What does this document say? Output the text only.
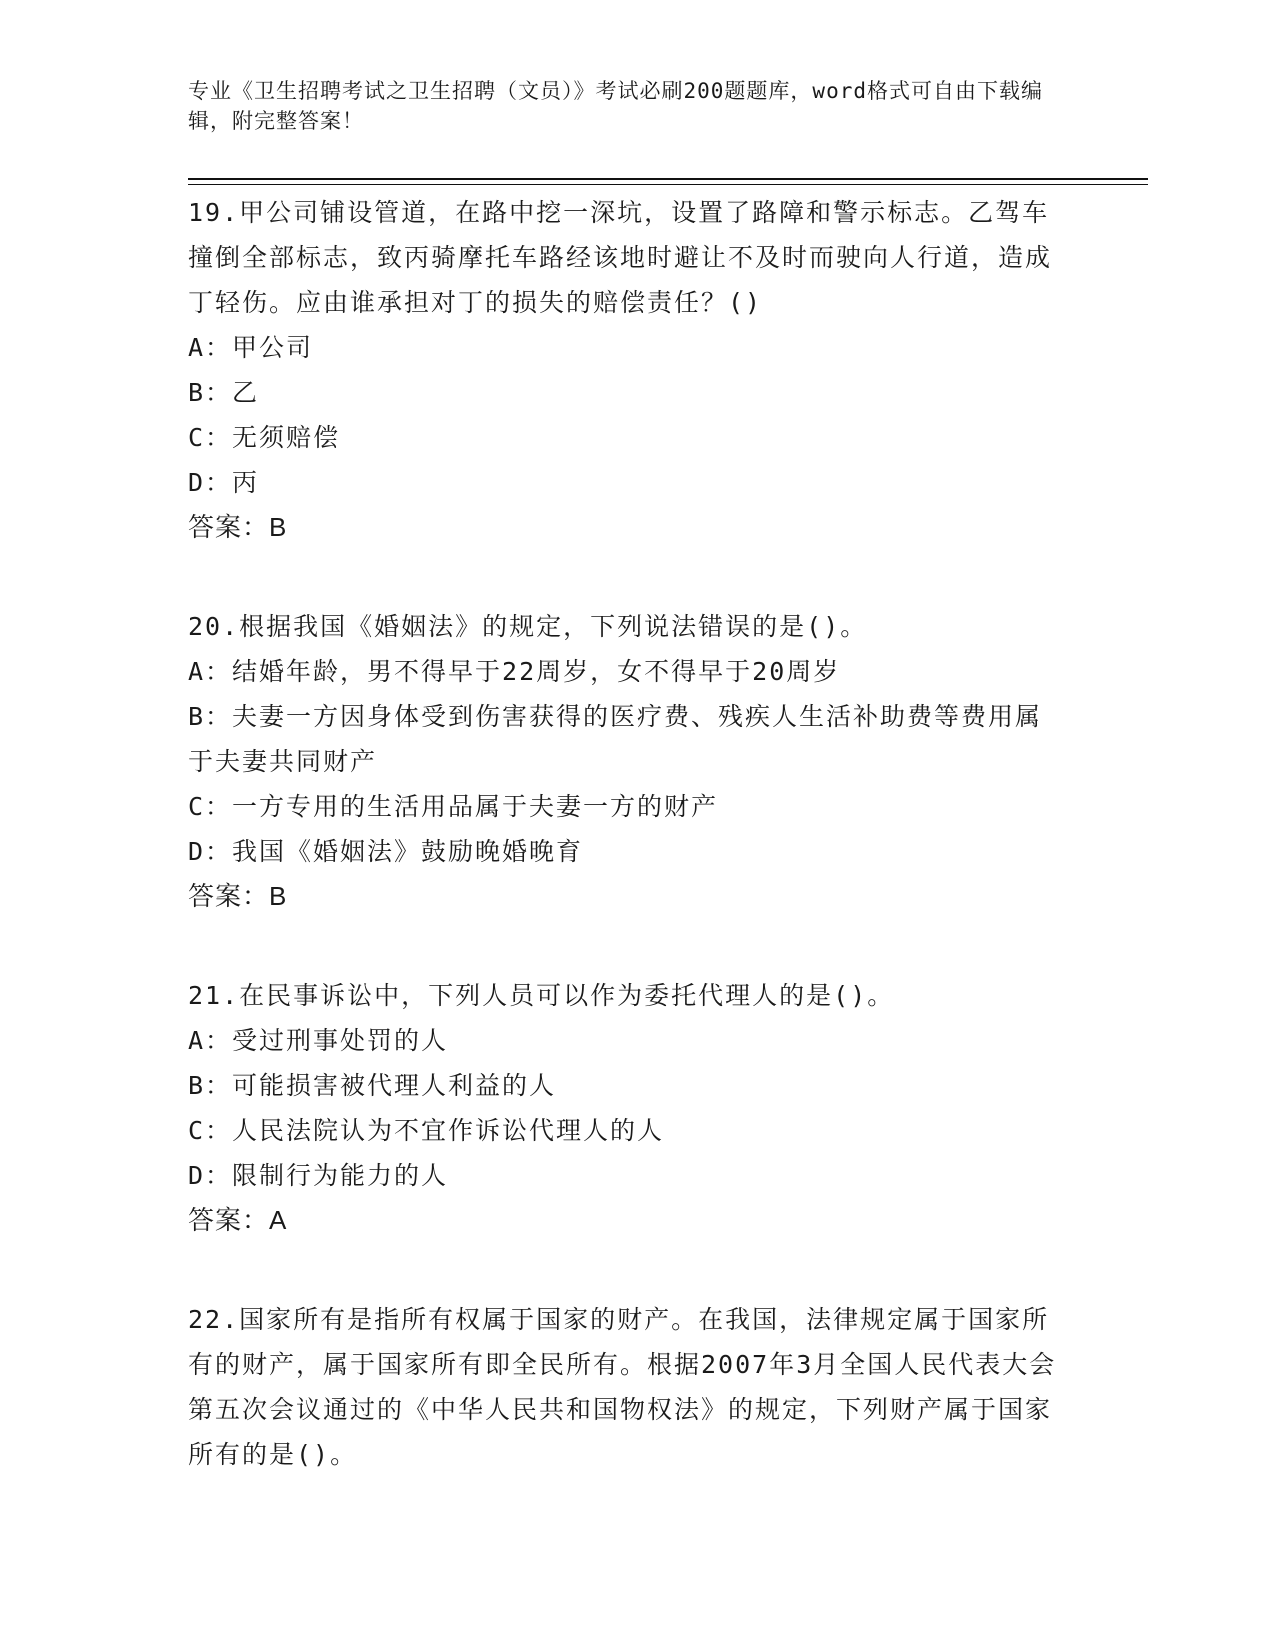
专业《卫生招聘考试之卫生招聘（文员）》考试必刷200题题库，word格式可自由下载编辑，附完整答案！
19.甲公司铺设管道，在路中挖一深坑，设置了路障和警示标志。乙驾车撞倒全部标志，致丙骑摩托车路经该地时避让不及时而驶向人行道，造成丁轻伤。应由谁承担对丁的损失的赔偿责任？()
A：甲公司
B：乙
C：无须赔偿
D：丙
答案：B
20.根据我国《婚姻法》的规定，下列说法错误的是()。
A：结婚年龄，男不得早于22周岁，女不得早于20周岁
B：夫妻一方因身体受到伤害获得的医疗费、残疾人生活补助费等费用属于夫妻共同财产
C：一方专用的生活用品属于夫妻一方的财产
D：我国《婚姻法》鼓励晚婚晚育
答案：B
21.在民事诉讼中，下列人员可以作为委托代理人的是()。
A：受过刑事处罚的人
B：可能损害被代理人利益的人
C：人民法院认为不宜作诉讼代理人的人
D：限制行为能力的人
答案：A
22.国家所有是指所有权属于国家的财产。在我国，法律规定属于国家所有的财产，属于国家所有即全民所有。根据2007年3月全国人民代表大会第五次会议通过的《中华人民共和国物权法》的规定，下列财产属于国家所有的是()。
